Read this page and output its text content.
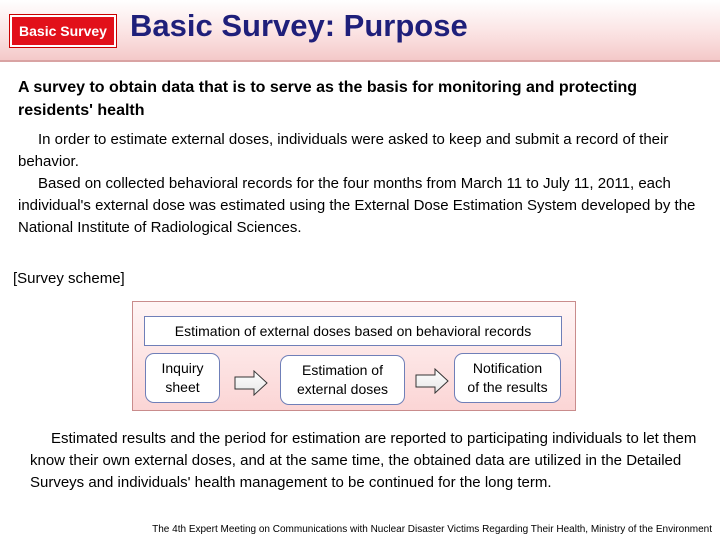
Basic Survey Basic Survey: Purpose
A survey to obtain data that is to serve as the basis for monitoring and protecting residents' health
In order to estimate external doses, individuals were asked to keep and submit a record of their behavior.
Based on collected behavioral records for the four months from March 11 to July 11, 2011, each individual's external dose was estimated using the External Dose Estimation System developed by the National Institute of Radiological Sciences.
[Survey scheme]
Estimation of external doses based on behavioral records
Inquiry
sheet
Estimation of
external doses
Notification
of the results
Estimated results and the period for estimation are reported to participating individuals to let them know their own external doses, and at the same time, the obtained data are utilized in the Detailed Surveys and individuals' health management to be continued for the long term.
The 4th Expert Meeting on Communications with Nuclear Disaster Victims Regarding Their Health, Ministry of the Environment
